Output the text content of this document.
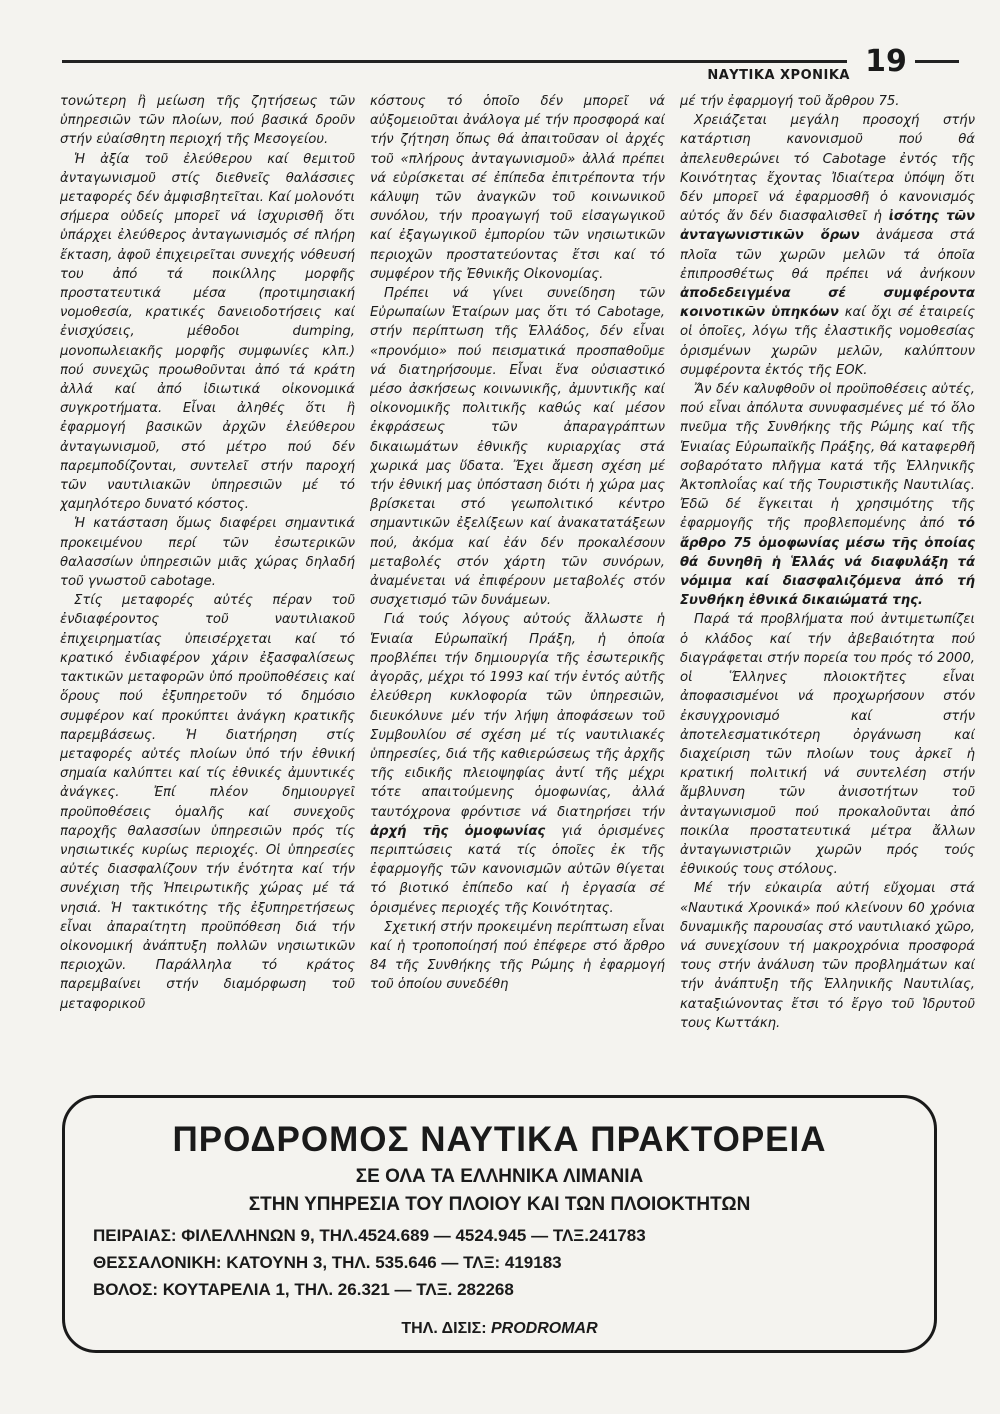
ΝΑΥΤΙΚΑ ΧΡΟΝΙΚΑ 19

τονώτερη ἢ μείωση τῆς ζητήσεως τῶν ὑπηρεσιῶν τῶν πλοίων, πού βασικά δροῦν στήν εὐαίσθητη περιοχή τῆς Μεσογείου.

Ἡ ἀξία τοῦ ἐλεύθερου καί θεμιτοῦ ἀνταγωνισμοῦ στίς διεθνεῖς θαλάσσιες μεταφορές δέν ἀμφισβητεῖται. Καί μολονότι σήμερα οὐδείς μπορεῖ νά ἰσχυρισθῆ ὅτι ὑπάρχει ἐλεύθερος ἀνταγωνισμός σέ πλήρη ἔκταση, ἀφοῦ ἐπιχειρεῖται συνεχής νόθευσή του ἀπό τά ποικίλλης μορφῆς προστατευτικά μέσα (προτιμησιακή νομοθεσία, κρατικές δανειοδοτήσεις καί ἐνισχύσεις, μέθοδοι dumping, μονοπωλειακῆς μορφῆς συμφωνίες κλπ.) πού συνεχῶς προωθοῦνται ἀπό τά κράτη ἀλλά καί ἀπό ἰδιωτικά οἰκονομικά συγκροτήματα. Εἶναι ἀληθές ὅτι ἢ ἐφαρμογή βασικῶν ἀρχῶν ἐλεύθερου ἀνταγωνισμοῦ, στό μέτρο πού δέν παρεμποδίζονται, συντελεῖ στήν παροχή τῶν ναυτιλιακῶν ὑπηρεσιῶν μέ τό χαμηλότερο δυνατό κόστος.

Ἡ κατάσταση ὅμως διαφέρει σημαντικά προκειμένου περί τῶν ἐσωτερικῶν θαλασσίων ὑπηρεσιῶν μιᾶς χώρας δηλαδή τοῦ γνωστοῦ cabotage.

Στίς μεταφορές αὐτές πέραν τοῦ ἐνδιαφέροντος τοῦ ναυτιλιακοῦ ἐπιχειρηματίας ὑπεισέρχεται καί τό κρατικό ἐνδιαφέρον χάριν ἐξασφαλίσεως τακτικῶν μεταφορῶν ὑπό προϋποθέσεις καί ὅρους πού ἐξυπηρετοῦν τό δημόσιο συμφέρον καί προκύπτει ἀνάγκη κρατικῆς παρεμβάσεως. Ἡ διατήρηση στίς μεταφορές αὐτές πλοίων ὑπό τήν ἐθνική σημαία καλύπτει καί τίς ἐθνικές ἀμυντικές ἀνάγκες. Ἐπί πλέον δημιουργεῖ προϋποθέσεις ὁμαλῆς καί συνεχοῦς παροχῆς θαλασσίων ὑπηρεσιῶν πρός τίς νησιωτικές κυρίως περιοχές. Οἱ ὑπηρεσίες αὐτές διασφαλίζουν τήν ἑνότητα καί τήν συνέχιση τῆς Ἠπειρωτικῆς χώρας μέ τά νησιά. Ἡ τακτικότης τῆς ἐξυπηρετήσεως εἶναι ἀπαραίτητη προϋπόθεση διά τήν οἰκονομική ἀνάπτυξη πολλῶν νησιωτικῶν περιοχῶν. Παράλληλα τό κράτος παρεμβαίνει στήν διαμόρφωση τοῦ μεταφορικοῦ

κόστους τό ὁποῖο δέν μπορεῖ νά αὐξομειοῦται ἀνάλογα μέ τήν προσφορά καί τήν ζήτηση ὅπως θά ἀπαιτοῦσαν οἱ ἀρχές τοῦ «πλήρους ἀνταγωνισμοῦ» ἀλλά πρέπει νά εὑρίσκεται σέ ἐπίπεδα ἐπιτρέποντα τήν κάλυψη τῶν ἀναγκῶν τοῦ κοινωνικοῦ συνόλου, τήν προαγωγή τοῦ εἰσαγωγικοῦ καί ἐξαγωγικοῦ ἐμπορίου τῶν νησιωτικῶν περιοχῶν προστατεύοντας ἔτσι καί τό συμφέρον τῆς Ἐθνικῆς Οἰκονομίας.

Πρέπει νά γίνει συνείδηση τῶν Εὐρωπαίων Ἑταίρων μας ὅτι τό Cabotage, στήν περίπτωση τῆς Ἑλλάδος, δέν εἶναι «προνόμιο» πού πεισματικά προσπαθοῦμε νά διατηρήσουμε. Εἶναι ἕνα οὐσιαστικό μέσο ἀσκήσεως κοινωνικῆς, ἀμυντικῆς καί οἰκονομικῆς πολιτικῆς καθώς καί μέσον ἐκφράσεως τῶν ἀπαραγράπτων δικαιωμάτων ἐθνικῆς κυριαρχίας στά χωρικά μας ὕδατα. Ἔχει ἄμεση σχέση μέ τήν ἐθνική μας ὑπόσταση διότι ἡ χώρα μας βρίσκεται στό γεωπολιτικό κέντρο σημαντικῶν ἐξελίξεων καί ἀνακατατάξεων πού, ἀκόμα καί ἐάν δέν προκαλέσουν μεταβολές στόν χάρτη τῶν συνόρων, ἀναμένεται νά ἐπιφέρουν μεταβολές στόν συσχετισμό τῶν δυνάμεων.

Γιά τούς λόγους αὐτούς ἄλλωστε ἡ Ἑνιαία Εὐρωπαϊκή Πράξη, ἡ ὁποία προβλέπει τήν δημιουργία τῆς ἐσωτερικῆς ἀγορᾶς, μέχρι τό 1993 καί τήν ἐντός αὐτῆς ἐλεύθερη κυκλοφορία τῶν ὑπηρεσιῶν, διευκόλυνε μέν τήν λήψη ἀποφάσεων τοῦ Συμβουλίου σέ σχέση μέ τίς ναυτιλιακές ὑπηρεσίες, διά τῆς καθιερώσεως τῆς ἀρχῆς τῆς ειδικῆς πλειοψηφίας ἀντί τῆς μέχρι τότε απαιτούμενης ὁμοφωνίας, ἀλλά ταυτόχρονα φρόντισε νά διατηρήσει τήν ἀρχή τῆς ὁμοφωνίας γιά ὁρισμένες περιπτώσεις κατά τίς ὁποῖες ἐκ τῆς ἐφαρμογῆς τῶν κανονισμῶν αὐτῶν θίγεται τό βιοτικό ἐπίπεδο καί ἡ ἐργασία σέ ὁρισμένες περιοχές τῆς Κοινότητας.

Σχετική στήν προκειμένη περίπτωση εἶναι καί ἡ τροποποίησή πού ἐπέφερε στό ἄρθρο 84 τῆς Συνθήκης τῆς Ρώμης ἡ ἐφαρμογή τοῦ ὁποίου συνεδέθη

μέ τήν ἐφαρμογή τοῦ ἄρθρου 75.

Χρειάζεται μεγάλη προσοχή στήν κατάρτιση κανονισμοῦ πού θά ἀπελευθερώνει τό Cabotage ἐντός τῆς Κοινότητας ἔχοντας Ἰδιαίτερα ὑπόψη ὅτι δέν μπορεῖ νά ἐφαρμοσθῆ ὁ κανονισμός αὐτός ἄν δέν διασφαλισθεῖ ἡ ἰσότης τῶν ἀνταγωνιστικῶν ὅρων ἀνάμεσα στά πλοῖα τῶν χωρῶν μελῶν τά ὁποῖα ἐπιπροσθέτως θά πρέπει νά ἀνήκουν ἀποδεδειγμένα σέ συμφέροντα κοινοτικῶν ὑπηκόων καί ὄχι σέ ἑταιρείς οἱ ὁποῖες, λόγω τῆς ἐλαστικῆς νομοθεσίας ὁρισμένων χωρῶν μελῶν, καλύπτουν συμφέροντα ἐκτός τῆς ΕΟΚ.

Ἄν δέν καλυφθοῦν οἱ προϋποθέσεις αὐτές, πού εἶναι ἀπόλυτα συνυφασμένες μέ τό ὅλο πνεῦμα τῆς Συνθήκης τῆς Ρώμης καί τῆς Ἑνιαίας Εὐρωπαϊκῆς Πράξης, θά καταφερθῆ σοβαρότατο πλῆγμα κατά τῆς Ἑλληνικῆς Ἀκτοπλοΐας καί τῆς Τουριστικῆς Ναυτιλίας. Ἐδῶ δέ ἔγκειται ἡ χρησιμότης τῆς ἐφαρμογῆς τῆς προβλεπομένης ἀπό τό ἄρθρο 75 ὁμοφωνίας μέσω τῆς ὁποίας θά δυνηθῆ ἡ Ἑλλάς νά διαφυλάξη τά νόμιμα καί διασφαλιζόμενα ἀπό τή Συνθήκη ἐθνικά δικαιώματά της.

Παρά τά προβλήματα πού ἀντιμετωπίζει ὁ κλάδος καί τήν ἀβεβαιότητα πού διαγράφεται στήν πορεία του πρός τό 2000, οἱ Ἕλληνες πλοιοκτῆτες εἶναι ἀποφασισμένοι νά προχωρήσουν στόν ἐκσυγχρονισμό καί στήν ἀποτελεσματικότερη ὀργάνωση καί διαχείριση τῶν πλοίων τους ἀρκεῖ ἡ κρατική πολιτική νά συντελέση στήν ἄμβλυνση τῶν ἀνισοτήτων τοῦ ἀνταγωνισμοῦ πού προκαλοῦνται ἀπό ποικίλα προστατευτικά μέτρα ἄλλων ἀνταγωνιστριῶν χωρῶν πρός τούς ἐθνικούς τους στόλους.

Μέ τήν εὐκαιρία αὐτή εὔχομαι στά «Ναυτικά Χρονικά» πού κλείνουν 60 χρόνια δυναμικῆς παρουσίας στό ναυτιλιακό χῶρο, νά συνεχίσουν τή μακροχρόνια προσφορά τους στήν ἀνάλυση τῶν προβλημάτων καί τήν ἀνάπτυξη τῆς Ἑλληνικῆς Ναυτιλίας, καταξιώνοντας ἔτσι τό ἔργο τοῦ Ἱδρυτοῦ τους Κωττάκη.

ΠΡΟΔΡΟΜΟΣ ΝΑΥΤΙΚΑ ΠΡΑΚΤΟΡΕΙΑ
ΣΕ ΟΛΑ ΤΑ ΕΛΛΗΝΙΚΑ ΛΙΜΑΝΙΑ
ΣΤΗΝ ΥΠΗΡΕΣΙΑ ΤΟΥ ΠΛΟΙΟΥ ΚΑΙ ΤΩΝ ΠΛΟΙΟΚΤΗΤΩΝ
ΠΕΙΡΑΙΑΣ: ΦΙΛΕΛΛΗΝΩΝ 9, ΤΗΛ.4524.689 — 4524.945 — ΤΛΞ.241783
ΘΕΣΣΑΛΟΝΙΚΗ: ΚΑΤΟΥΝΗ 3, ΤΗΛ. 535.646 — ΤΛΞ: 419183
ΒΟΛΟΣ: ΚΟΥΤΑΡΕΛΙΑ 1, ΤΗΛ. 26.321 — ΤΛΞ. 282268
ΤΗΛ. ΔΙΣΙΣ: PRODROMAR
